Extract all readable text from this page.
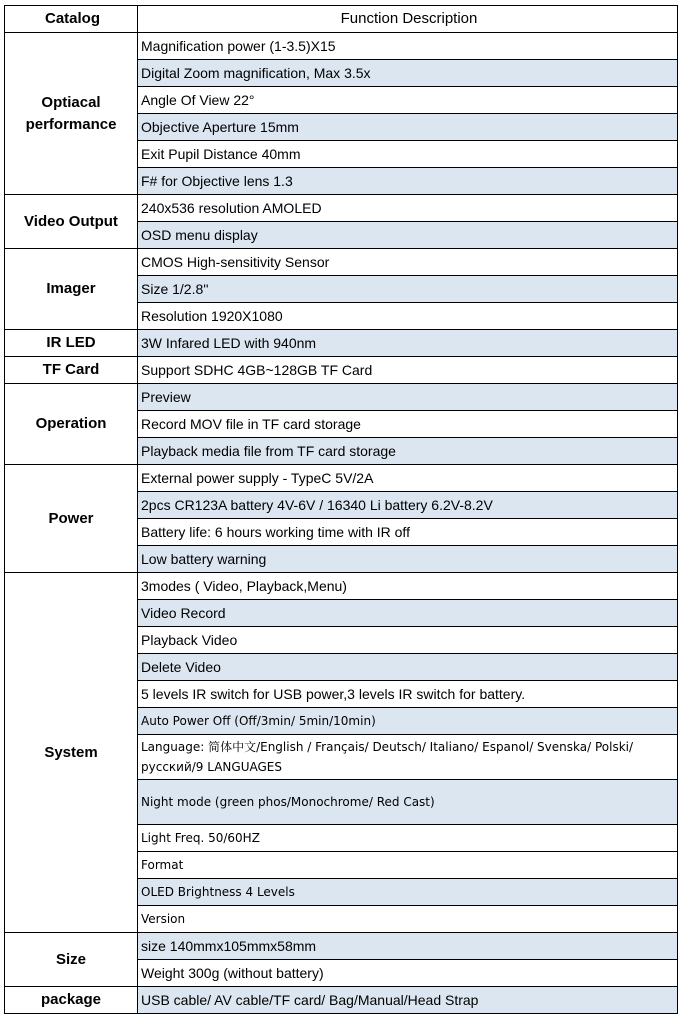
Catalog	Function Description
Optiacal performance	Magnification power (1-3.5)X15
	Digital Zoom magnification, Max 3.5x
	Angle Of View 22°
	Objective Aperture 15mm
	Exit Pupil Distance 40mm
	F# for Objective lens 1.3
Video Output	240x536 resolution AMOLED
	OSD menu display
Imager	CMOS High-sensitivity Sensor
	Size 1/2.8''
	Resolution 1920X1080
IR LED	3W Infared LED with 940nm
TF Card	Support SDHC 4GB~128GB TF Card
Operation	Preview
	Record MOV file in TF card storage
	Playback media file from TF card storage
Power	External power supply - TypeC 5V/2A
	2pcs CR123A battery 4V-6V / 16340 Li battery 6.2V-8.2V
	Battery life: 6 hours working time with IR off
	Low battery warning
System	3modes ( Video, Playback,Menu)
	Video Record
	Playback Video
	Delete Video
	5 levels IR switch for USB power,3 levels IR switch for battery.
	Auto Power Off (Off/3min/ 5min/10min)
	Language: 简体中文/English / Français/ Deutsch/ Italiano/ Espanol/ Svenska/ Polski/ русский/9 LANGUAGES
	Night mode (green phos/Monochrome/ Red Cast)
	Light Freq. 50/60HZ
	Format
	OLED Brightness 4 Levels
	Version
Size	size 140mmx105mmx58mm
	Weight 300g (without battery)
package	USB cable/ AV cable/TF card/ Bag/Manual/Head Strap
